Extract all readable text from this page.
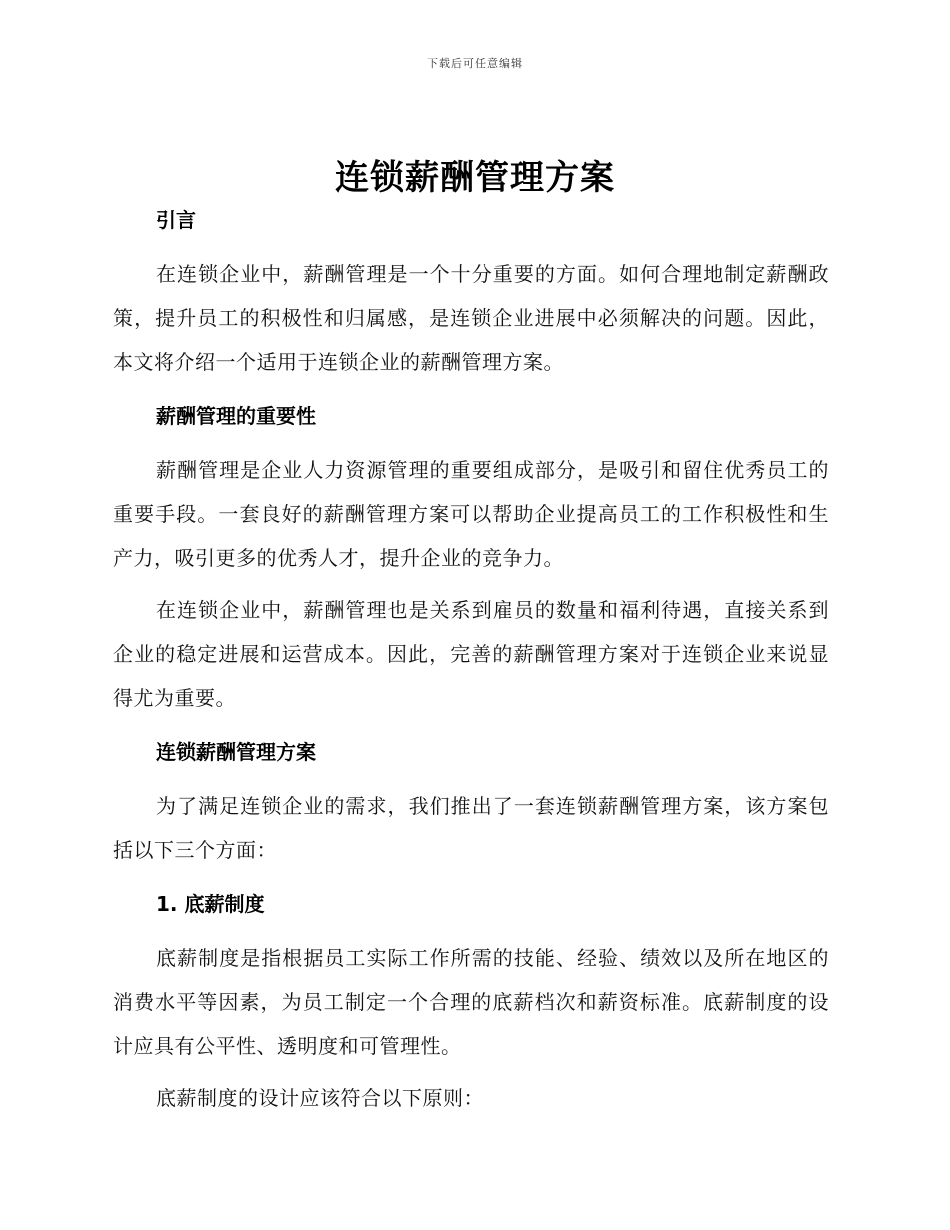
下载后可任意编辑
连锁薪酬管理方案
引言

在连锁企业中，薪酬管理是一个十分重要的方面。如何合理地制定薪酬政策，提升员工的积极性和归属感，是连锁企业进展中必须解决的问题。因此，本文将介绍一个适用于连锁企业的薪酬管理方案。

薪酬管理的重要性

薪酬管理是企业人力资源管理的重要组成部分，是吸引和留住优秀员工的重要手段。一套良好的薪酬管理方案可以帮助企业提高员工的工作积极性和生产力，吸引更多的优秀人才，提升企业的竞争力。

在连锁企业中，薪酬管理也是关系到雇员的数量和福利待遇，直接关系到企业的稳定进展和运营成本。因此，完善的薪酬管理方案对于连锁企业来说显得尤为重要。

连锁薪酬管理方案

为了满足连锁企业的需求，我们推出了一套连锁薪酬管理方案，该方案包括以下三个方面：

1. 底薪制度

底薪制度是指根据员工实际工作所需的技能、经验、绩效以及所在地区的消费水平等因素，为员工制定一个合理的底薪档次和薪资标准。底薪制度的设计应具有公平性、透明度和可管理性。

底薪制度的设计应该符合以下原则：
